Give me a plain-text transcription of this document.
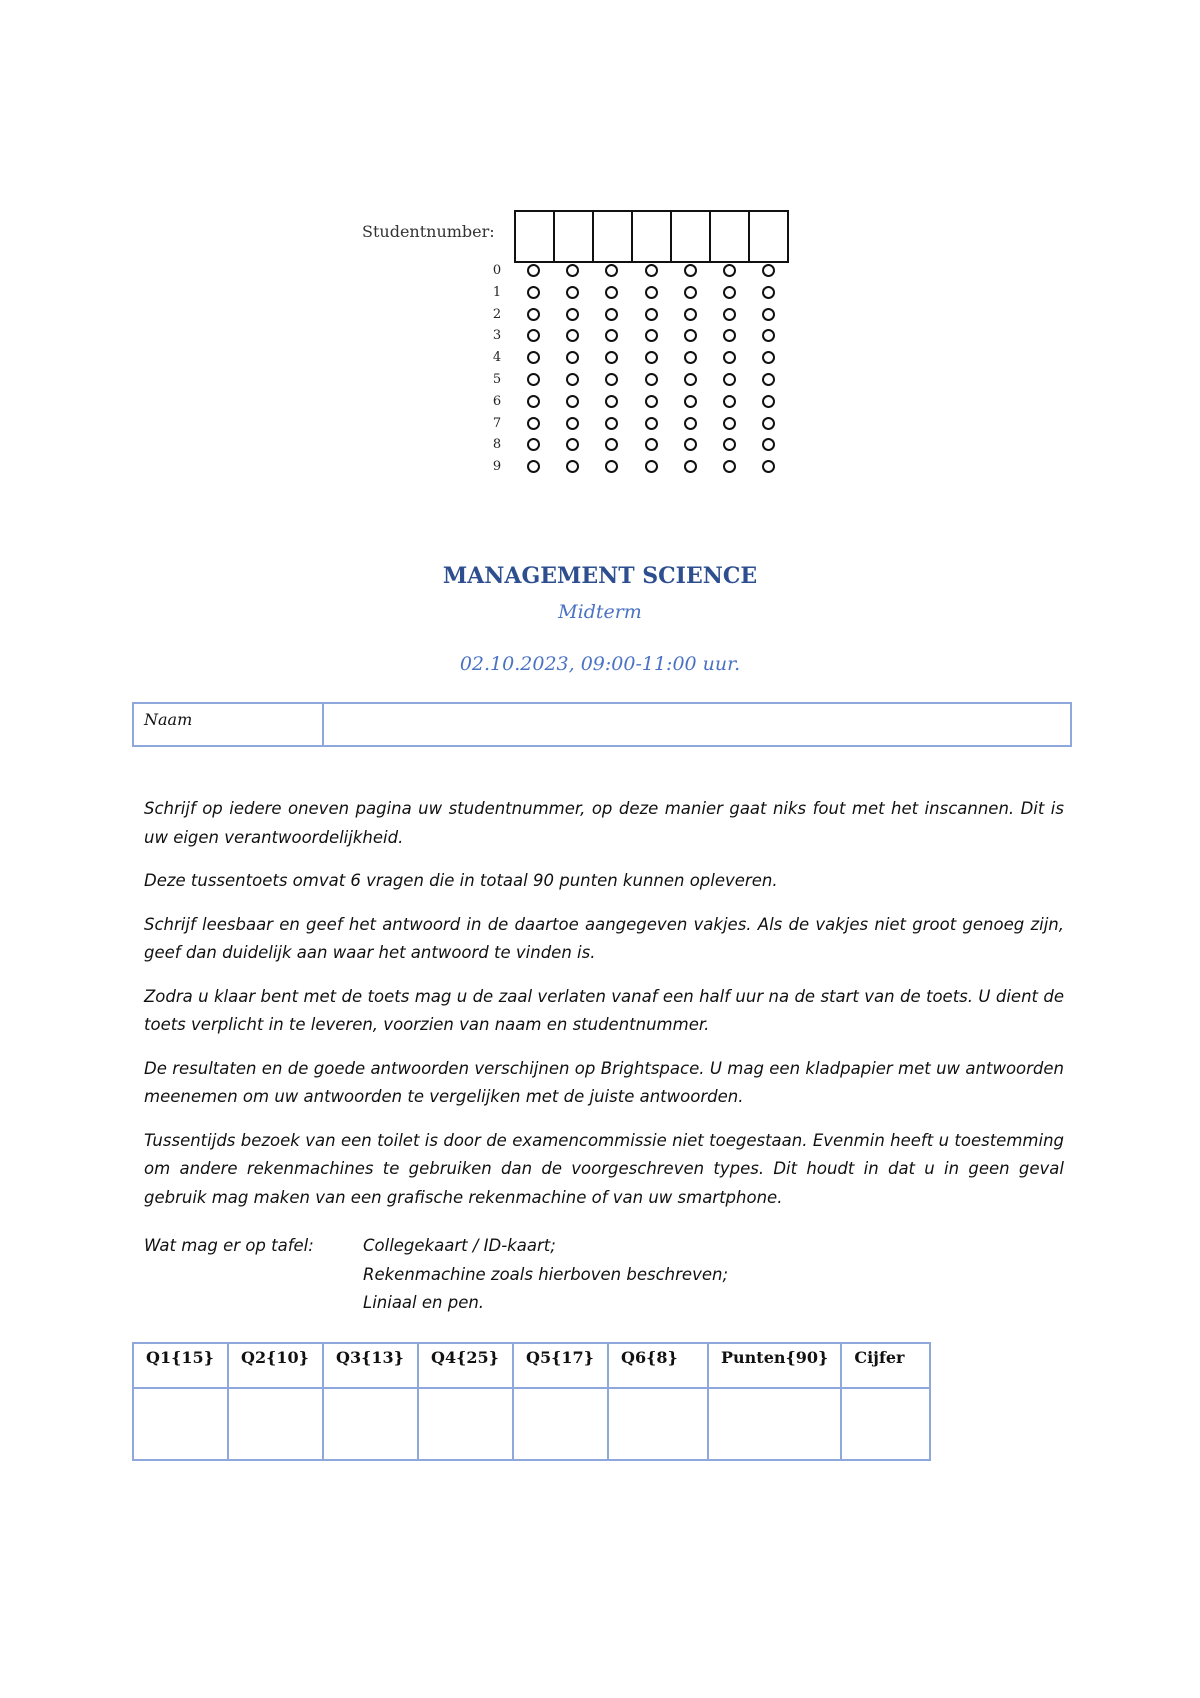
Studentnumber:
0
1
2
3
4
5
6
7
8
9
MANAGEMENT SCIENCE
Midterm
02.10.2023, 09:00-11:00 uur.
Naam	

Schrijf op iedere oneven pagina uw studentnummer, op deze manier gaat niks fout met het inscannen. Dit is uw eigen verantwoordelijkheid.

Deze tussentoets omvat 6 vragen die in totaal 90 punten kunnen opleveren.

Schrijf leesbaar en geef het antwoord in de daartoe aangegeven vakjes. Als de vakjes niet groot genoeg zijn, geef dan duidelijk aan waar het antwoord te vinden is.

Zodra u klaar bent met de toets mag u de zaal verlaten vanaf een half uur na de start van de toets. U dient de toets verplicht in te leveren, voorzien van naam en studentnummer.

De resultaten en de goede antwoorden verschijnen op Brightspace. U mag een kladpapier met uw antwoorden meenemen om uw antwoorden te vergelijken met de juiste antwoorden.

Tussentijds bezoek van een toilet is door de examencommissie niet toegestaan. Evenmin heeft u toestemming om andere rekenmachines te gebruiken dan de voorgeschreven types. Dit houdt in dat u in geen geval gebruik mag maken van een grafische rekenmachine of van uw smartphone.

Wat mag er op tafel:	Collegekaart / ID-kaart;
Rekenmachine zoals hierboven beschreven;
Liniaal en pen.
Q1{15}	Q2{10}	Q3{13}	Q4{25}	Q5{17}	Q6{8}	Punten{90}	Cijfer
